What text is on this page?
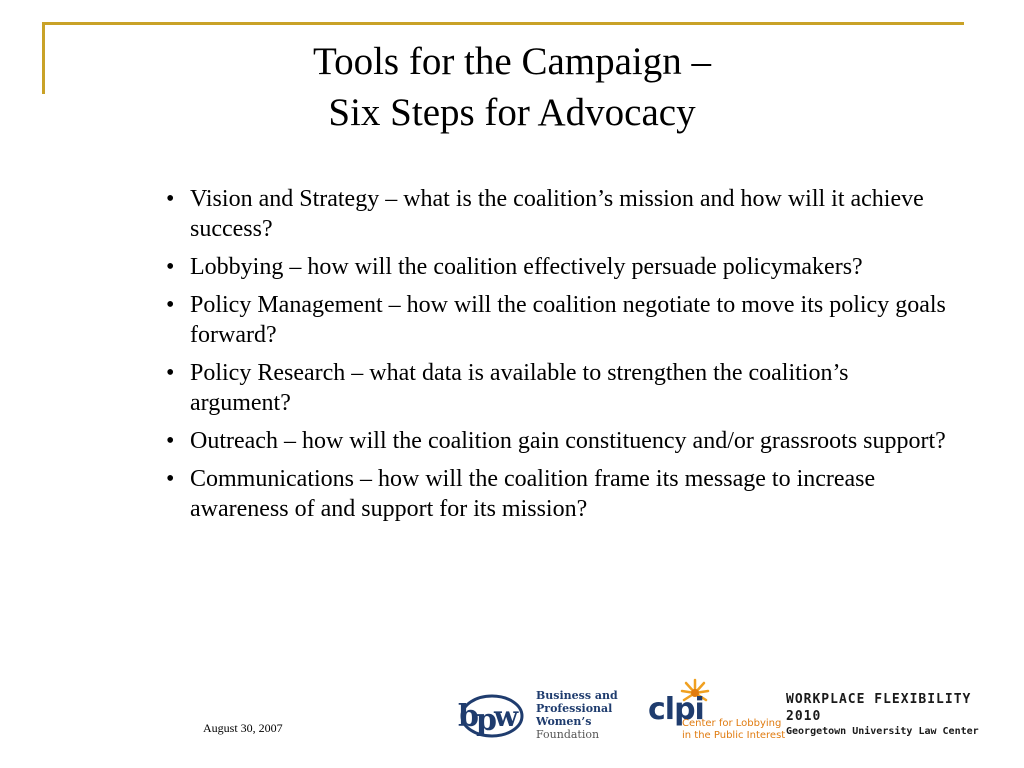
Tools for the Campaign –
Six Steps for Advocacy
• Vision and Strategy – what is the coalition’s mission and how will it achieve success?
• Lobbying – how will the coalition effectively persuade policymakers?
• Policy Management – how will the coalition negotiate to move its policy goals forward?
• Policy Research – what data is available to strengthen the coalition’s argument?
• Outreach – how will the coalition gain constituency and/or grassroots support?
• Communications – how will the coalition frame its message to increase awareness of and support for its mission?
August 30, 2007	b
p
w
Business and
Professional
Women’s
Foundation
clpi
Center for Lobbying
in the Public Interest
WORKPLACE FLEXIBILITY 2010
Georgetown University Law Center
